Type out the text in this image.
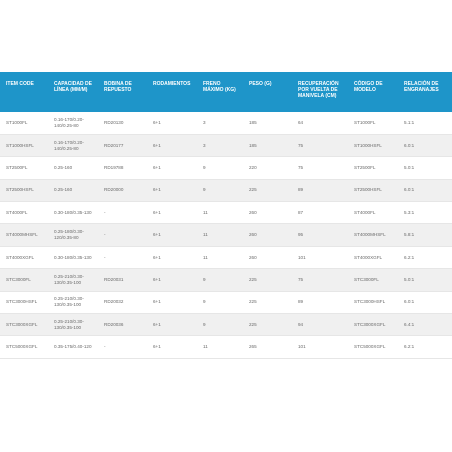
ITEM CODE	CAPACIDAD DE LÍNEA (MM/M)	BOBINA DE REPUESTO	RODAMIENTOS	FRENO MÁXIMO (KG)	PESO (G)	RECUPERACIÓN POR VUELTA DE MANIVELA (CM)	CÓDIGO DE MODELO	RELACIÓN DE ENGRANAJES
ST1000FL	0.16-170/0.20-140/0.25-80	RD20130	6+1	3	185	64	ST1000FL	5.1:1
ST1000HSFL	0.16-170/0.20-140/0.25-80	RD20177	6+1	3	185	75	ST1000HSFL	6.0:1
ST2500FL	0.25-160	RD19788	6+1	9	220	75	ST2500FL	5.0:1
ST2500HSFL	0.25-160	RD20000	6+1	9	225	89	ST2500HSFL	6.0:1
ST4000FL	0.30-180/0.35-130	-	6+1	11	260	87	ST4000FL	5.3:1
ST4000MHSFL	0.25-180/0.30-120/0.35-80	-	6+1	11	260	95	ST4000MHSFL	5.8:1
ST4000XGFL	0.30-180/0.35-130	-	6+1	11	260	101	ST4000XGFL	6.2:1
STC3000FL	0.25-210/0.30-130/0.35-100	RD20031	6+1	9	225	75	STC3000FL	5.0:1
STC3000HSFL	0.25-210/0.30-130/0.35-100	RD20032	6+1	9	225	89	STC3000HSFL	6.0:1
STC3000XGFL	0.25-210/0.30-130/0.35-100	RD20036	6+1	9	225	94	STC3000XGFL	6.4:1
STC5000XGFL	0.35-175/0.40-120	-	6+1	11	265	101	STC5000XGFL	6.2:1
